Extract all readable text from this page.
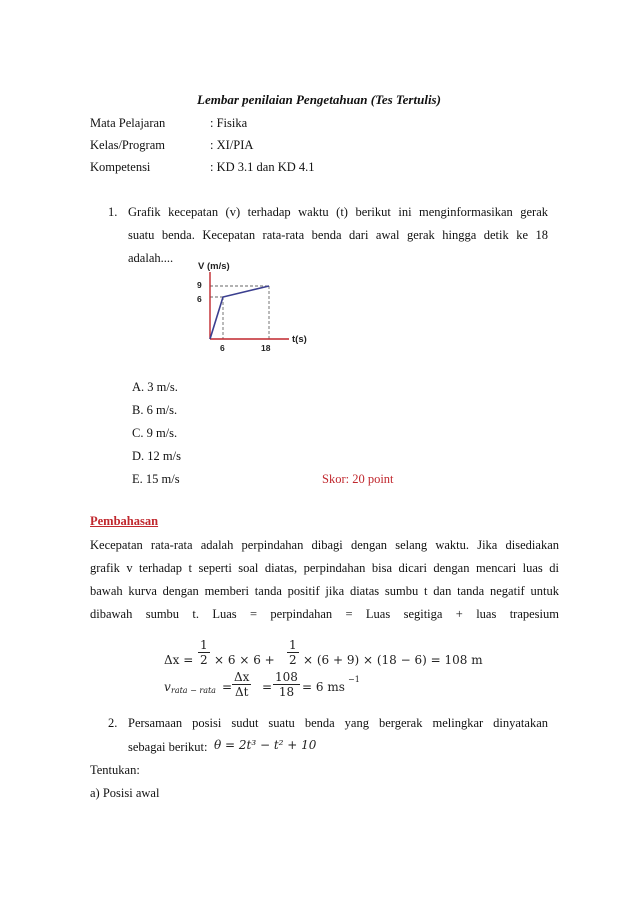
Lembar penilaian Pengetahuan (Tes Tertulis)
Mata Pelajaran	: Fisika
Kelas/Program	: XI/PIA
Kompetensi	: KD 3.1 dan KD 4.1
1. Grafik kecepatan (v) terhadap waktu (t) berikut ini menginformasikan gerak
suatu benda. Kecepatan rata-rata benda dari awal gerak hingga detik ke 18
adalah....
V (m/s)
t(s)
9
6
6	18
A. 3 m/s.
B. 6 m/s.
C. 9 m/s.
D. 12 m/s
E. 15 m/s	Skor: 20 point
Pembahasan
Kecepatan rata-rata adalah perpindahan dibagi dengan selang waktu. Jika disediakan
grafik v terhadap t seperti soal diatas, perpindahan bisa dicari dengan mencari luas di
bawah kurva dengan memberi tanda positif jika diatas sumbu t dan tanda negatif untuk
dibawah sumbu t. Luas = perpindahan = Luas segitiga + luas trapesium
$\Delta x = \frac{1}{2} \times 6 \times 6 + \frac{1}{2} \times (6 + 9) \times (18 - 6) = 108$ m
v rata − rata = $\frac{\Delta x}{\Delta t} = \frac{108}{18} = 6$ ms
−1
2. Persamaan posisi sudut suatu benda yang bergerak melingkar dinyatakan
sebagai berikut: θ = 2t³ − t² + 10
Tentukan:
a) Posisi awal
